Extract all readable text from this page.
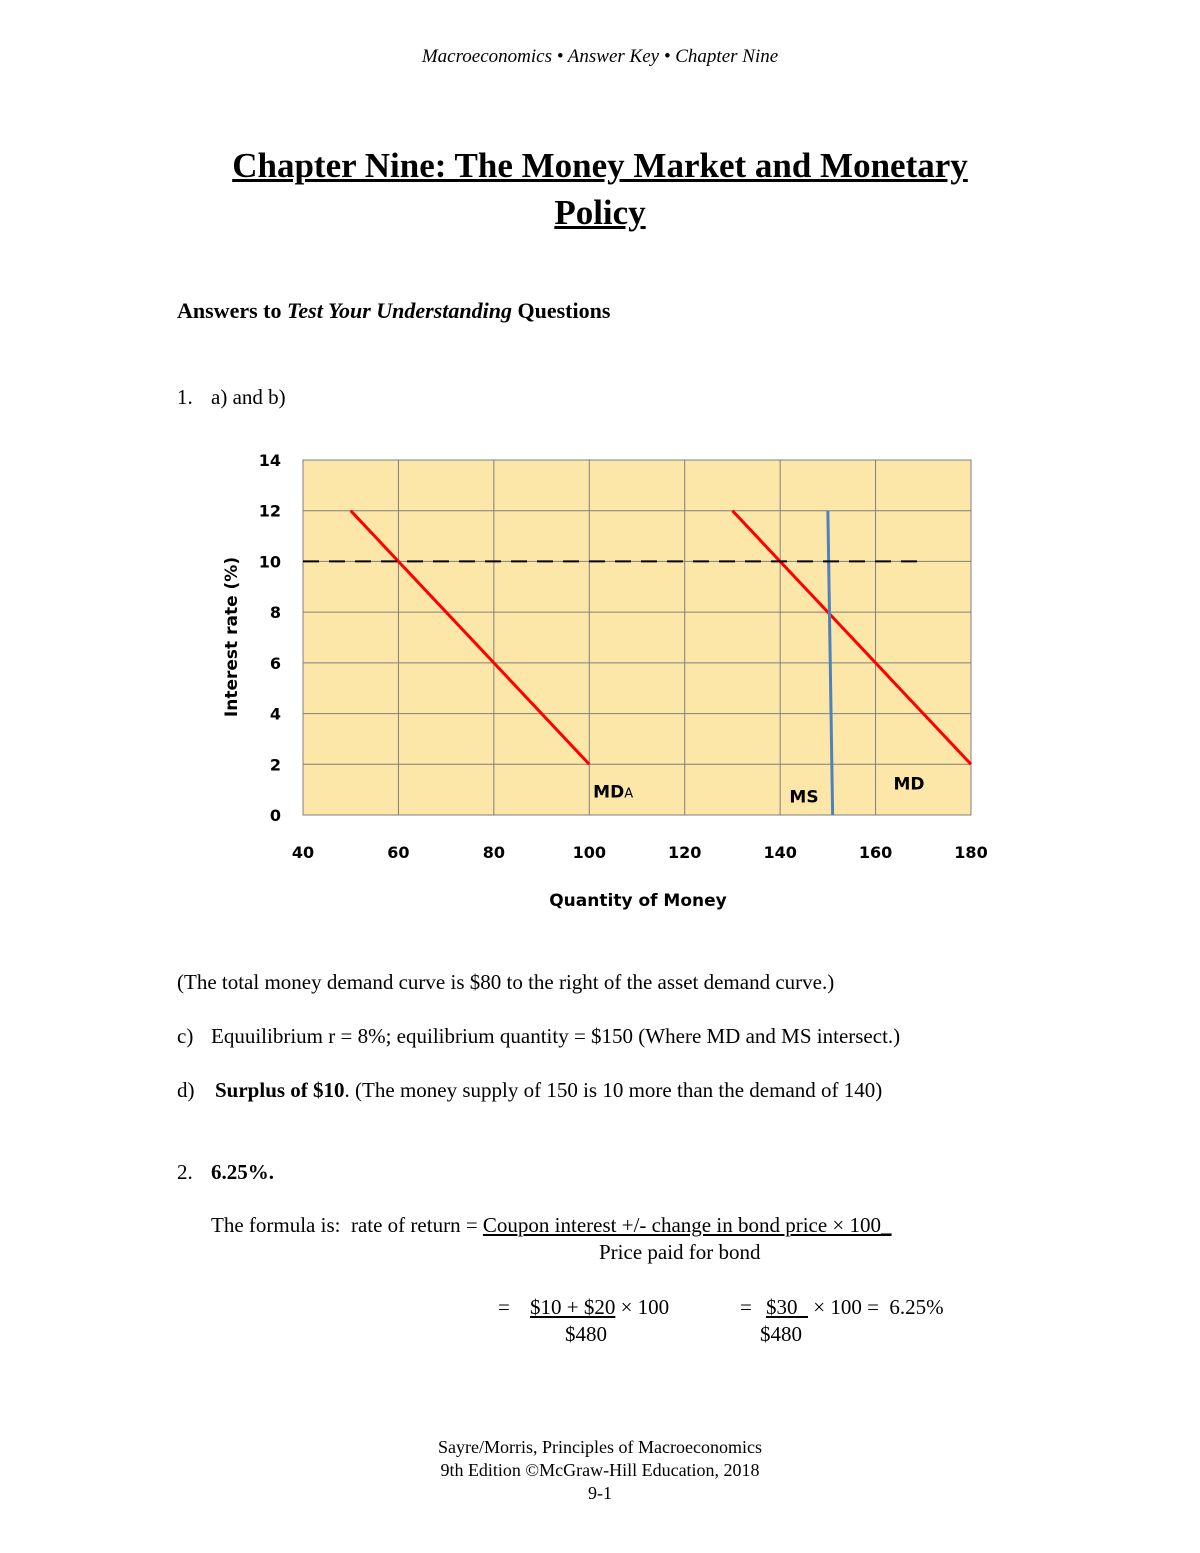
Macroeconomics • Answer Key • Chapter Nine
Chapter Nine: The Money Market and Monetary
Policy
Answers to Test Your Understanding Questions
1. a) and b)
0
2
4
6
8
10
12
14
40	60	80	100	120	140	160	180
MDA	MS
MD
Interest rate (%)
Quantity of Money
(The total money demand curve is $80 to the right of the asset demand curve.)
c) Equuilibrium r = 8%; equilibrium quantity = $150 (Where MD and MS intersect.)
d) Surplus of $10. (The money supply of 150 is 10 more than the demand of 140)
2. 6.25%.
The formula is:  rate of return = Coupon interest +/- change in bond price × 100_
Price paid for bond
= $10 + $20 × 100
$480
= $30   × 100 =  6.25%
$480
Sayre/Morris, Principles of Macroeconomics
9th Edition ©McGraw-Hill Education, 2018
9-1
